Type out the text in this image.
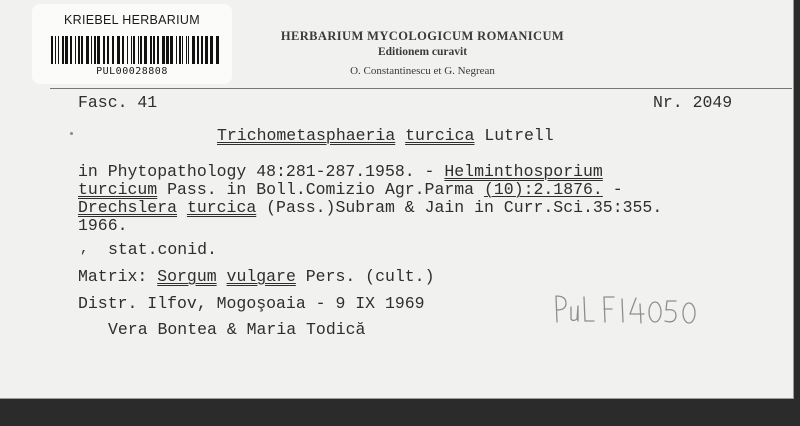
KRIEBEL HERBARIUM
PUL00028808
HERBARIUM MYCOLOGICUM ROMANICUM
Editionem curavit
O. Constantinescu et G. Negrean
Fasc. 41	Nr. 2049
Trichometasphaeria turcica Lutrell
in Phytopathology 48:281-287.1958. - Helminthosporium
turcicum Pass. in Boll.Comizio Agr.Parma (10):2.1876. -
Drechslera turcica (Pass.)Subram & Jain in Curr.Sci.35:355.
1966.
, stat.conid.
Matrix: Sorgum vulgare Pers. (cult.)
Distr. Ilfov, Mogoşoaia - 9 IX 1969
Vera Bontea & Maria Todică
